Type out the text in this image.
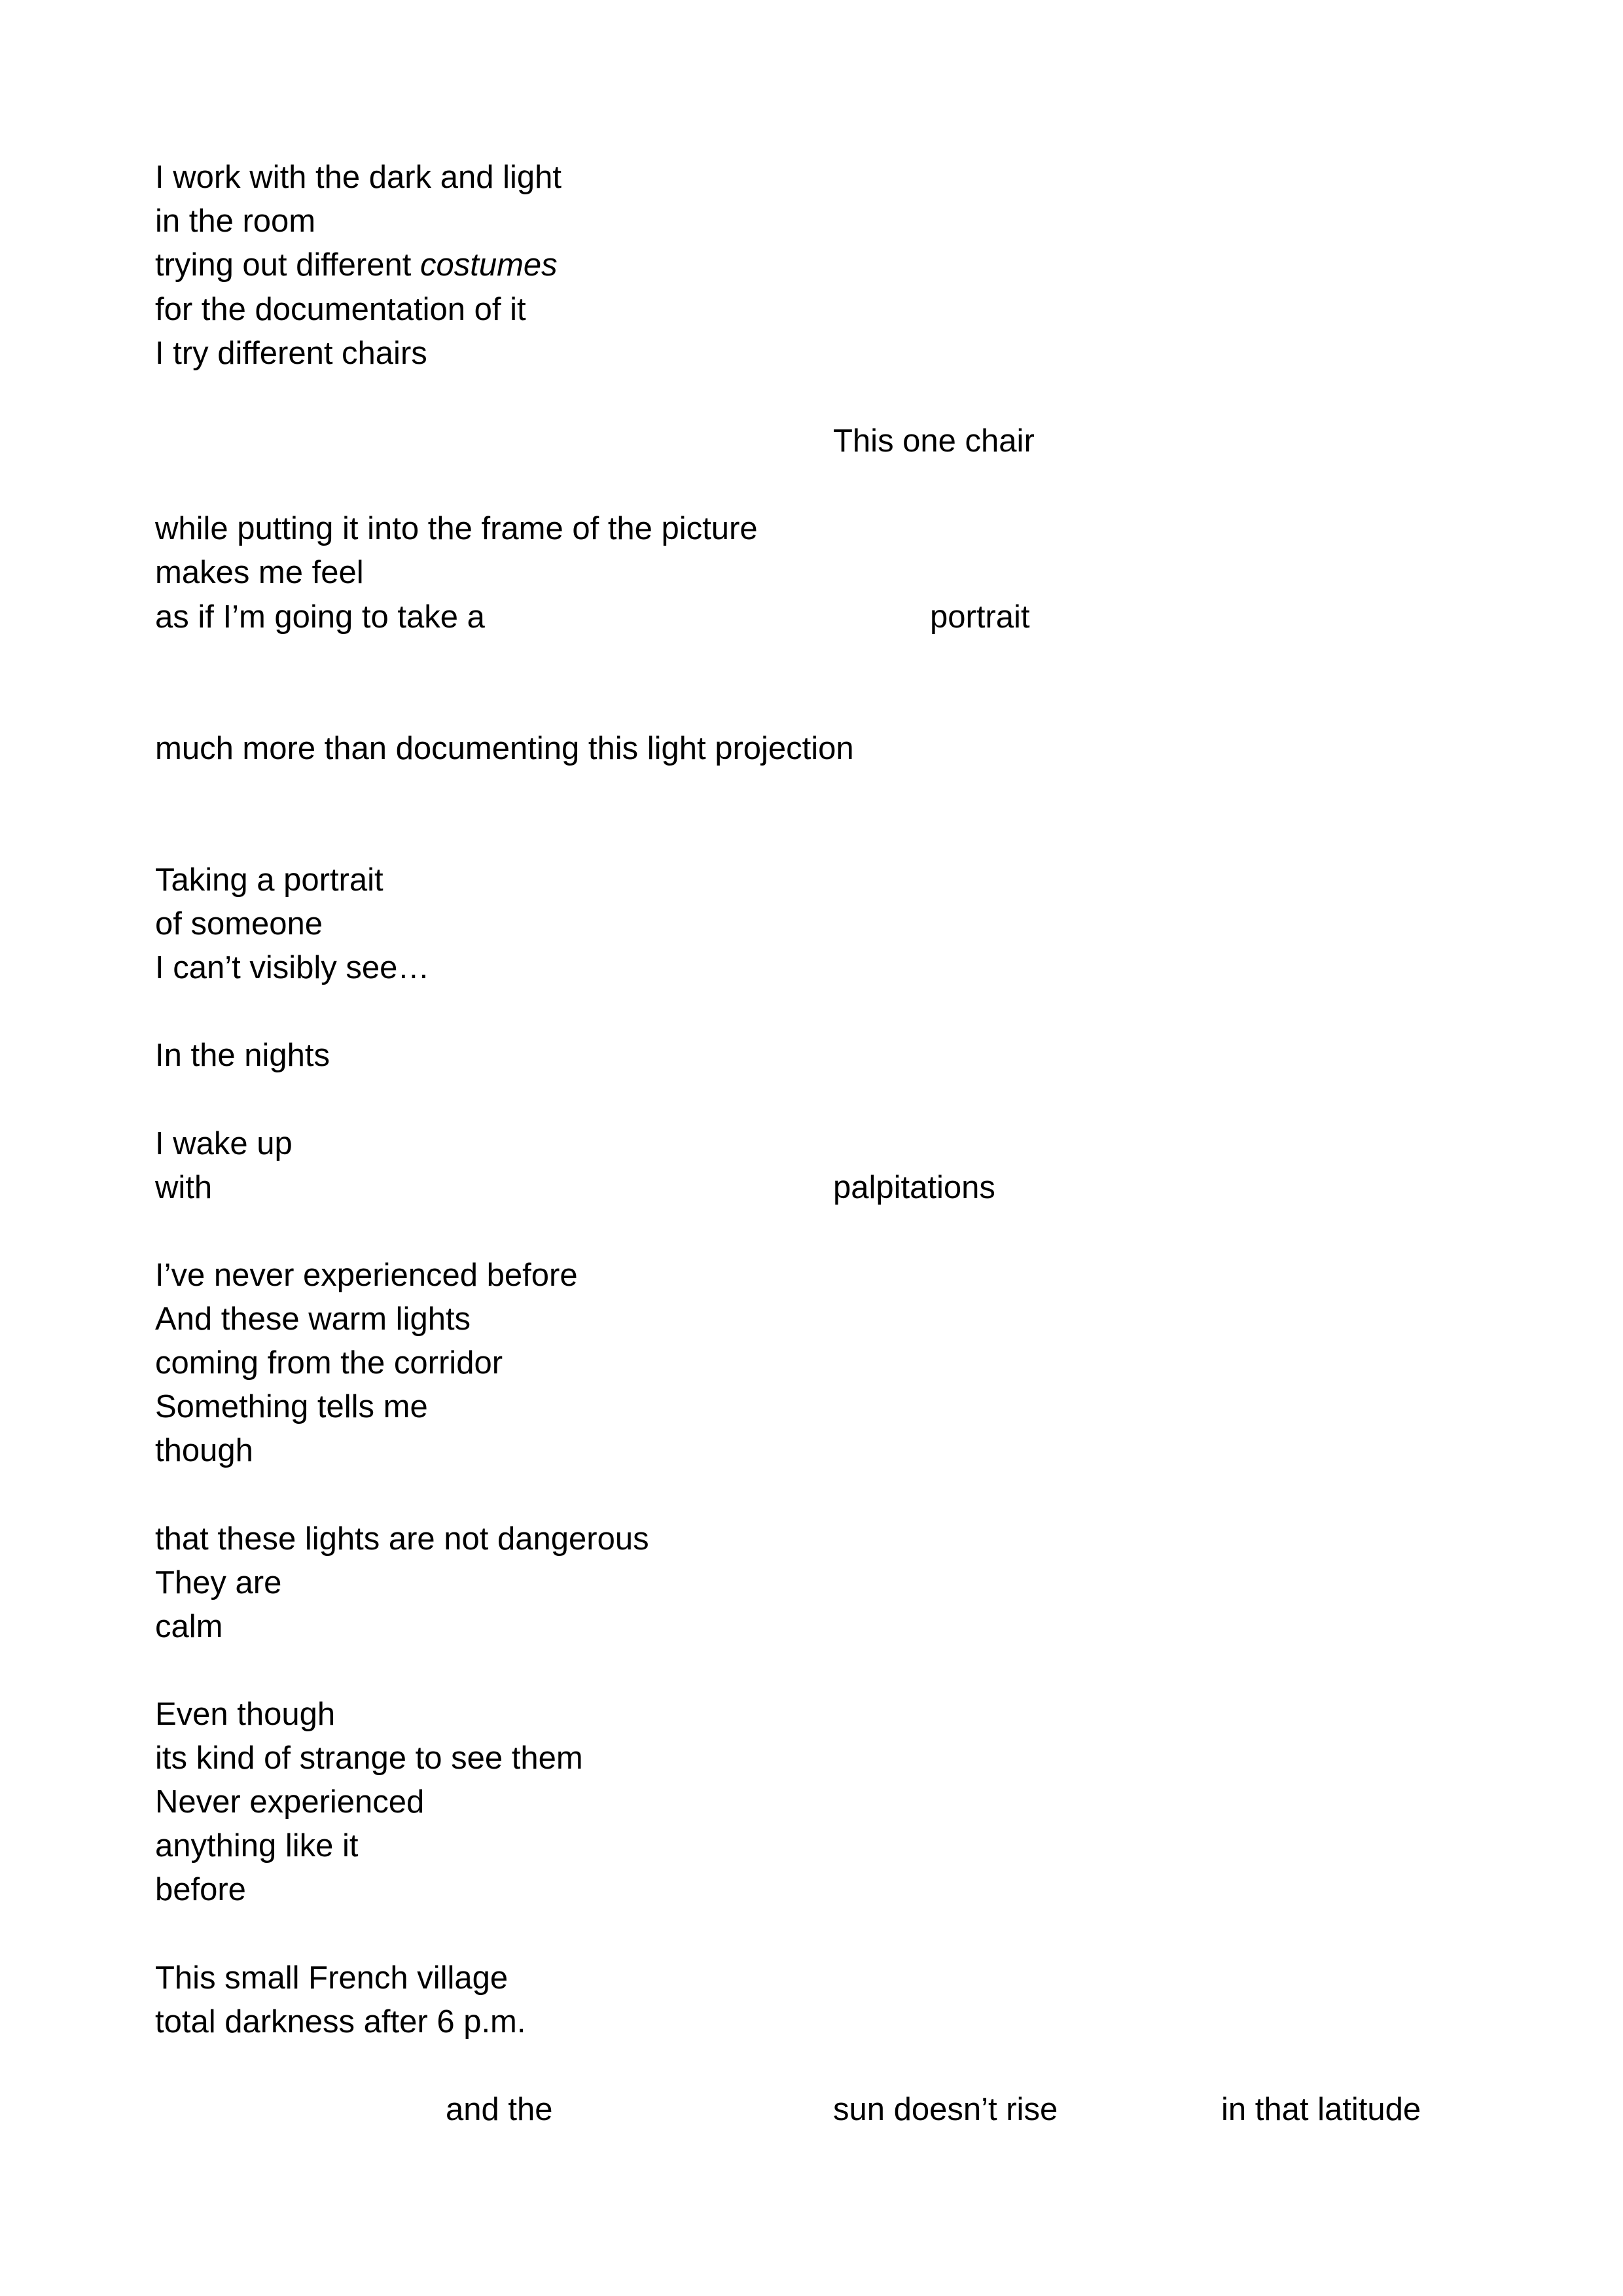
I work with the dark and light

in the room

trying out different costumes

for the documentation of it

I try different chairs

This one chair

while putting it into the frame of the picture

makes me feel

as if I’m going to take a	portrait

much more than documenting this light projection

Taking a portrait

of someone

I can’t visibly see…

In the nights

I wake up

with	palpitations

I’ve never experienced before

And these warm lights

coming from the corridor

Something tells me

though

that these lights are not dangerous

They are

calm

Even though

its kind of strange to see them

Never experienced

anything like it

before

This small French village

total darkness after 6 p.m.

and the	sun doesn’t rise	in that latitude
